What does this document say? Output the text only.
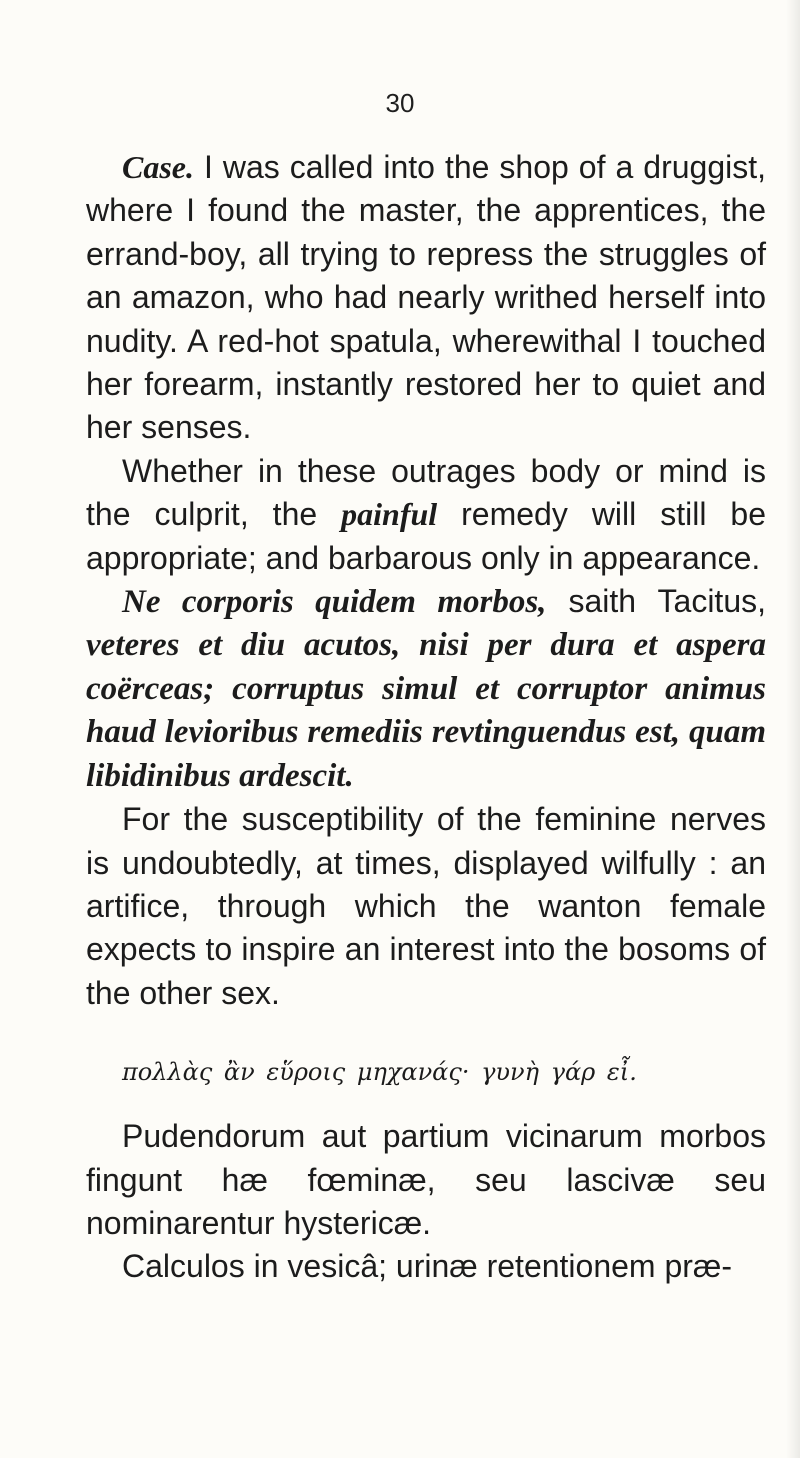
30

Case. I was called into the shop of a druggist, where I found the master, the apprentices, the errand-boy, all trying to repress the struggles of an amazon, who had nearly writhed herself into nudity. A red-hot spatula, wherewithal I touched her forearm, instantly restored her to quiet and her senses.

Whether in these outrages body or mind is the culprit, the painful remedy will still be appropriate; and barbarous only in appearance.

Ne corporis quidem morbos, saith Tacitus, veteres et diu acutos, nisi per dura et aspera coërceas; corruptus simul et corruptor animus haud levioribus remediis revtinguendus est, quam libidinibus ardescit.

For the susceptibility of the feminine nerves is undoubtedly, at times, displayed wilfully : an artifice, through which the wanton female expects to inspire an interest into the bosoms of the other sex.

πολλὰς ἂν εὕροις μηχανάς· γυνὴ γάρ εἶ.

Pudendorum aut partium vicinarum morbos fingunt hæ fœminæ, seu lascivæ seu nominarentur hystericæ.

Calculos in vesicâ; urinæ retentionem præ-
